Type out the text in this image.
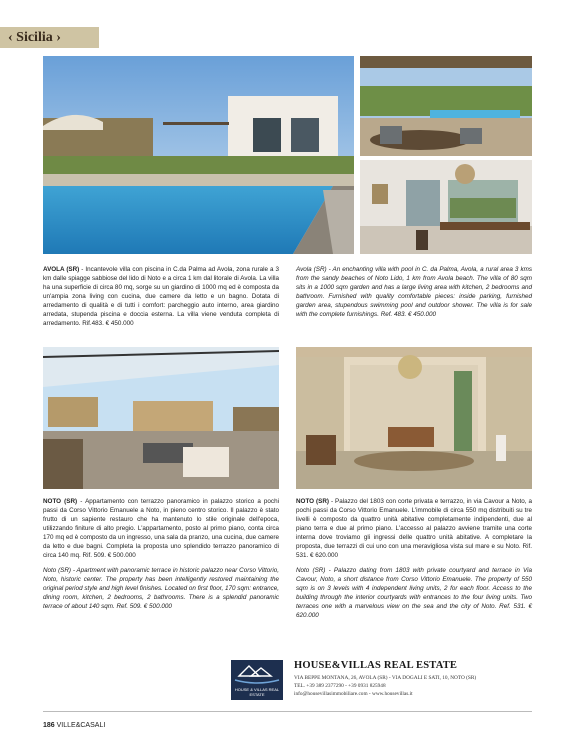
‹ Sicilia ›
AVOLA (SR) - Incantevole villa con piscina in C.da Palma ad Avola, zona rurale a 3 km dalle spiagge sabbiose del lido di Noto e a circa 1 km dal litorale di Avola. La villa ha una superficie di circa 80 mq, sorge su un giardino di 1000 mq ed è composta da un'ampia zona living con cucina, due camere da letto e un bagno. Dotata di arredamento di qualità e di tutti i comfort: parcheggio auto interno, area giardino arredata, stupenda piscina e doccia esterna. La villa viene venduta completa di arredamento. Rif.483. € 450.000
Avola (SR) - An enchanting villa with pool in C. da Palma, Avola, a rural area 3 kms from the sandy beaches of Noto Lido, 1 km from Avola beach. The villa of 80 sqm sits in a 1000 sqm garden and has a large living area with kitchen, 2 bedrooms and bathroom. Furnished with quality comfortable pieces: inside parking, furnished garden area, stupendous swimming pool and outdoor shower. The villa is for sale with the complete furnishings. Ref. 483. € 450.000
NOTO (SR) - Appartamento con terrazzo panoramico in palazzo storico a pochi passi da Corso Vittorio Emanuele a Noto, in pieno centro storico. Il palazzo è stato frutto di un sapiente restauro che ha mantenuto lo stile originale dell'epoca, utilizzando finiture di alto pregio. L'appartamento, posto al primo piano, conta circa 170 mq ed è composto da un ingresso, una sala da pranzo, una cucina, due camere da letto e due bagni. Completa la proposta uno splendido terrazzo panoramico di circa 140 mq. Rif. 509. € 500.000
Noto (SR) - Apartment with panoramic terrace in historic palazzo near Corso Vittorio, Noto, historic center. The property has been intelligently restored maintaining the original period style and high level finishes. Located on first floor, 170 sqm: entrance, dining room, kitchen, 2 bedrooms, 2 bathrooms. There is a splendid panoramic terrace of about 140 sqm. Ref. 509. € 500.000
NOTO (SR) - Palazzo del 1803 con corte privata e terrazzo, in via Cavour a Noto, a pochi passi da Corso Vittorio Emanuele. L'immobile di circa 550 mq distribuiti su tre livelli è composto da quattro unità abitative completamente indipendenti, due al piano terra e due al primo piano. L'accesso al palazzo avviene tramite una corte interna dove troviamo gli ingressi delle quattro unità abitative. A completare la proposta, due terrazzi di cui uno con una meravigliosa vista sul mare e su Noto. Rif. 531. € 620.000
Noto (SR) - Palazzo dating from 1803 with private courtyard and terrace in Via Cavour, Noto, a short distance from Corso Vittorio Emanuele. The property of 550 sqm is on 3 levels with 4 independent living units, 2 for each floor. Access to the building through the interior courtyards with entrances to the four living units. Two terraces one with a marvelous view on the sea and the city of Noto. Ref. 531. € 620.000
HOUSE & VILLAS REAL ESTATE
HOUSE&VILLAS REAL ESTATE
VIA BEPPE MONTANA, 26, AVOLA (SR) - VIA DOGALI E SATI, 10, NOTO (SR)
TEL. +39 389 2377290 - +39 0931 825948
info@housevillasimmobiliare.com - www.housevillas.it
186 VILLE&CASALI
